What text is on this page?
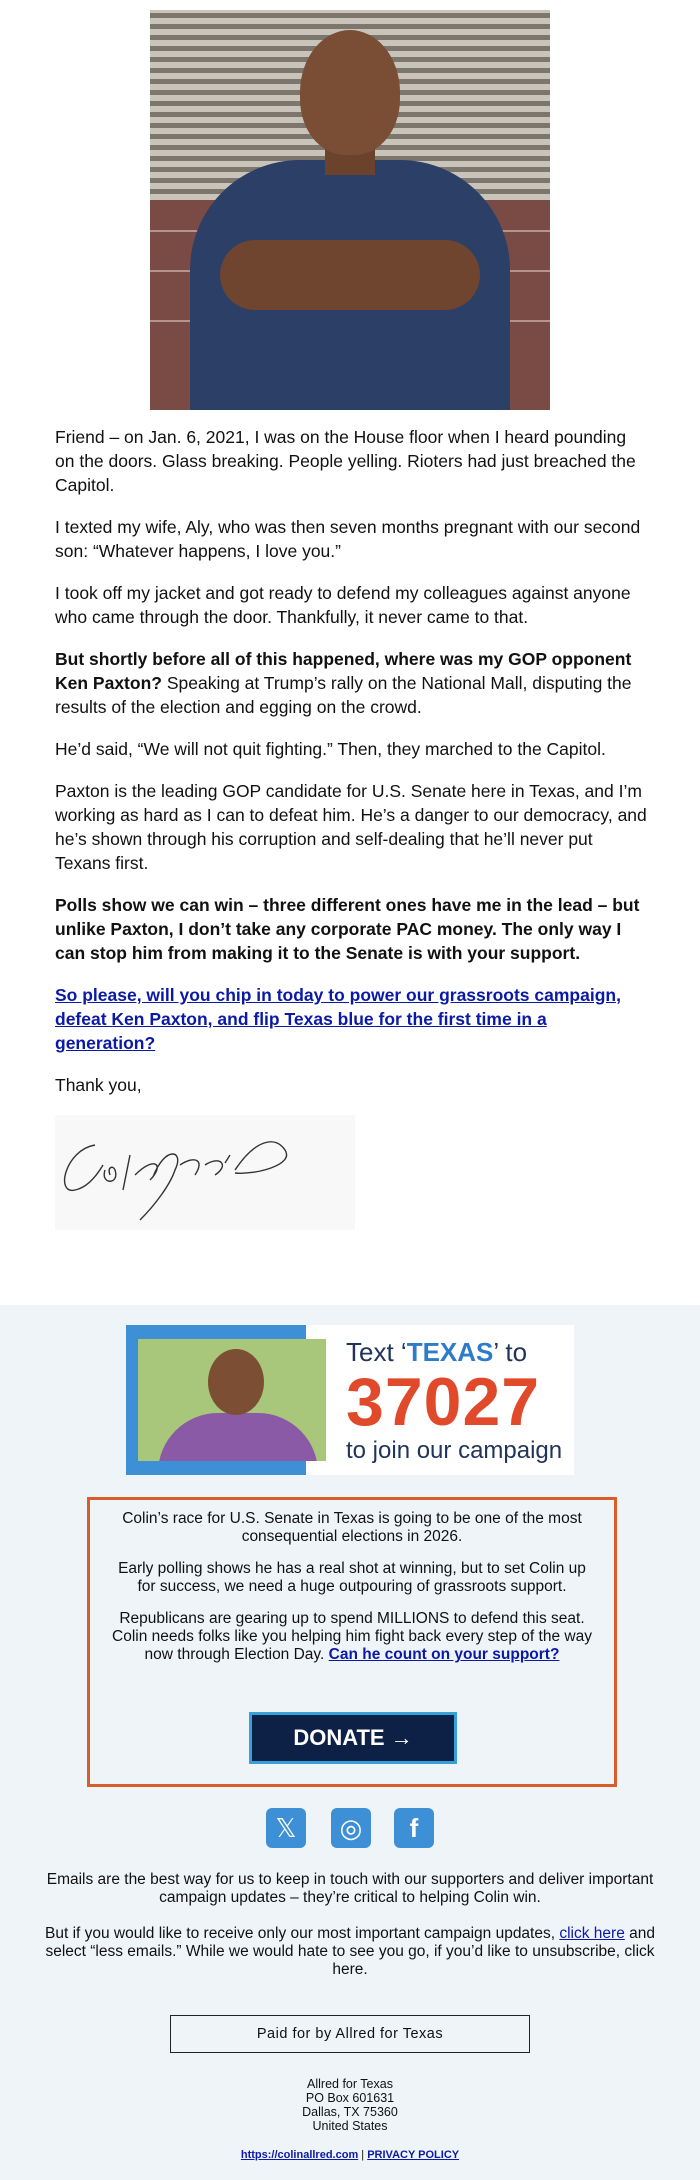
Friend – on Jan. 6, 2021, I was on the House floor when I heard pounding on the doors. Glass breaking. People yelling. Rioters had just breached the Capitol.

I texted my wife, Aly, who was then seven months pregnant with our second son: “Whatever happens, I love you.”

I took off my jacket and got ready to defend my colleagues against anyone who came through the door. Thankfully, it never came to that.

But shortly before all of this happened, where was my GOP opponent Ken Paxton? Speaking at Trump’s rally on the National Mall, disputing the results of the election and egging on the crowd.

He’d said, “We will not quit fighting.” Then, they marched to the Capitol.

Paxton is the leading GOP candidate for U.S. Senate here in Texas, and I’m working as hard as I can to defeat him. He’s a danger to our democracy, and he’s shown through his corruption and self-dealing that he’ll never put Texans first.

Polls show we can win – three different ones have me in the lead – but unlike Paxton, I don’t take any corporate PAC money. The only way I can stop him from making it to the Senate is with your support.

So please, will you chip in today to power our grassroots campaign, defeat Ken Paxton, and flip Texas blue for the first time in a generation?

Thank you,

Text ‘TEXAS’ to
37027
to join our campaign

Colin’s race for U.S. Senate in Texas is going to be one of the most consequential elections in 2026.

Early polling shows he has a real shot at winning, but to set Colin up for success, we need a huge outpouring of grassroots support.

Republicans are gearing up to spend MILLIONS to defend this seat. Colin needs folks like you helping him fight back every step of the way now through Election Day. Can he count on your support?

DONATE →
𝕏	◎	f
Emails are the best way for us to keep in touch with our supporters and deliver important campaign updates – they’re critical to helping Colin win.
But if you would like to receive only our most important campaign updates, click here and select “less emails.” While we would hate to see you go, if you’d like to unsubscribe, click here.
Paid for by Allred for Texas
Allred for Texas
PO Box 601631
Dallas, TX 75360
United States
https://colinallred.com | PRIVACY POLICY
